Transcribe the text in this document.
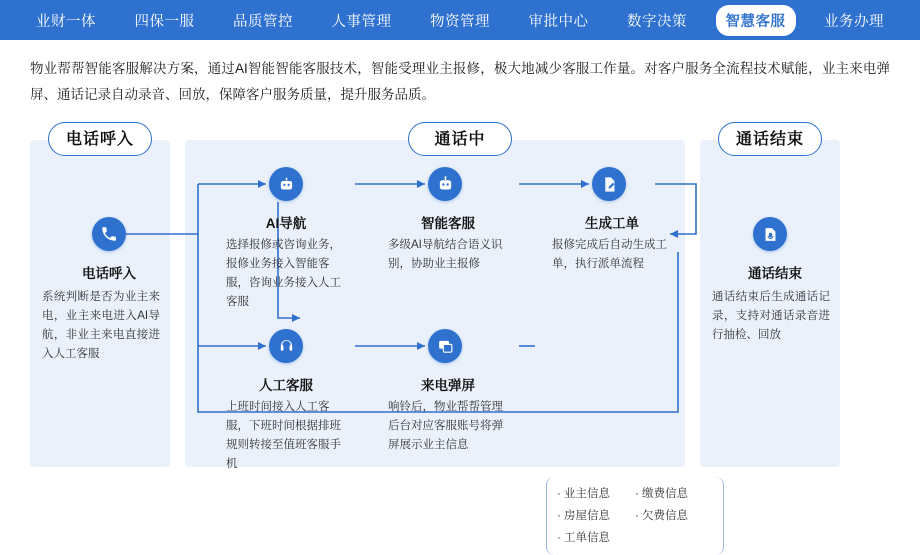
业财一体	四保一服	品质管控	人事管理	物资管理	审批中心	数字决策	智慧客服	业务办理
物业帮帮智能客服解决方案，通过AI智能智能客服技术，智能受理业主报修，极大地减少客服工作量。对客户服务全流程技术赋能，业主来电弹屏、通话记录自动录音、回放，保障客户服务质量，提升服务品质。
电话呼入	通话中	通话结束
电话呼入
系统判断是否为业主来电，业主来电进入AI导航，非业主来电直接进入人工客服
AI导航
选择报修或咨询业务，报修业务接入智能客服，咨询业务接入人工客服
智能客服
多级AI导航结合语义识别，协助业主报修
生成工单
报修完成后自动生成工单，执行派单流程
人工客服
上班时间接入人工客服，下班时间根据排班规则转接至值班客服手机
来电弹屏
响铃后，物业帮帮管理后台对应客服账号将弹屏展示业主信息
通话结束
通话结束后生成通话记录，支持对通话录音进行抽检、回放
· 业主信息	· 缴费信息
· 房屋信息	· 欠费信息
· 工单信息
